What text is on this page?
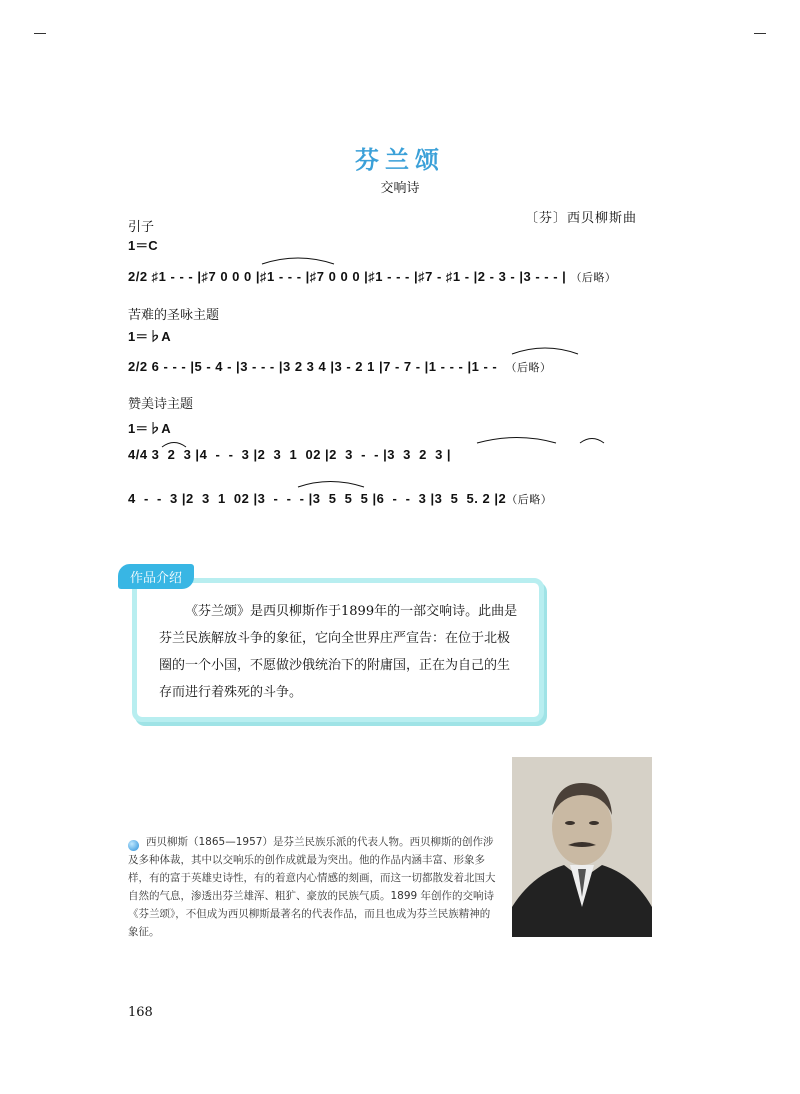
芬兰颂
交响诗
〔芬〕西贝柳斯曲
引子
1＝C
2/2 ♯1 - - - |♯7 0 0 0 |♯1 - - - |♯7 0 0 0 |♯1 - - - |♯7 - ♯1 - |2 - 3 - |3 - - - | （后略）
苦难的圣咏主题
1＝♭A
2/2 6 - - - |5 - 4 - |3 - - - |3 2 3 4 |3 - 2 1 |7 - 7 - |1 - - - |1 - -  （后略）
赞美诗主题
1＝♭A
4/4 3  2  3 |4  -  -  3 |2  3  1  02 |2  3  -  - |3  3  2  3 |
4  -  -  3 |2  3  1  02 |3  -  -  - |3  5  5  5 |6  -  -  3 |3  5  5. 2 |2（后略）
作品介绍
《芬兰颂》是西贝柳斯作于1899年的一部交响诗。此曲是芬兰民族解放斗争的象征，它向全世界庄严宣告：在位于北极圈的一个小国，不愿做沙俄统治下的附庸国，正在为自己的生存而进行着殊死的斗争。
西贝柳斯（1865—1957）是芬兰民族乐派的代表人物。西贝柳斯的创作涉及多种体裁，其中以交响乐的创作成就最为突出。他的作品内涵丰富、形象多样，有的富于英雄史诗性，有的着意内心情感的刻画，而这一切都散发着北国大自然的气息，渗透出芬兰雄浑、粗犷、豪放的民族气质。1899 年创作的交响诗《芬兰颂》，不但成为西贝柳斯最著名的代表作品，而且也成为芬兰民族精神的象征。
168
